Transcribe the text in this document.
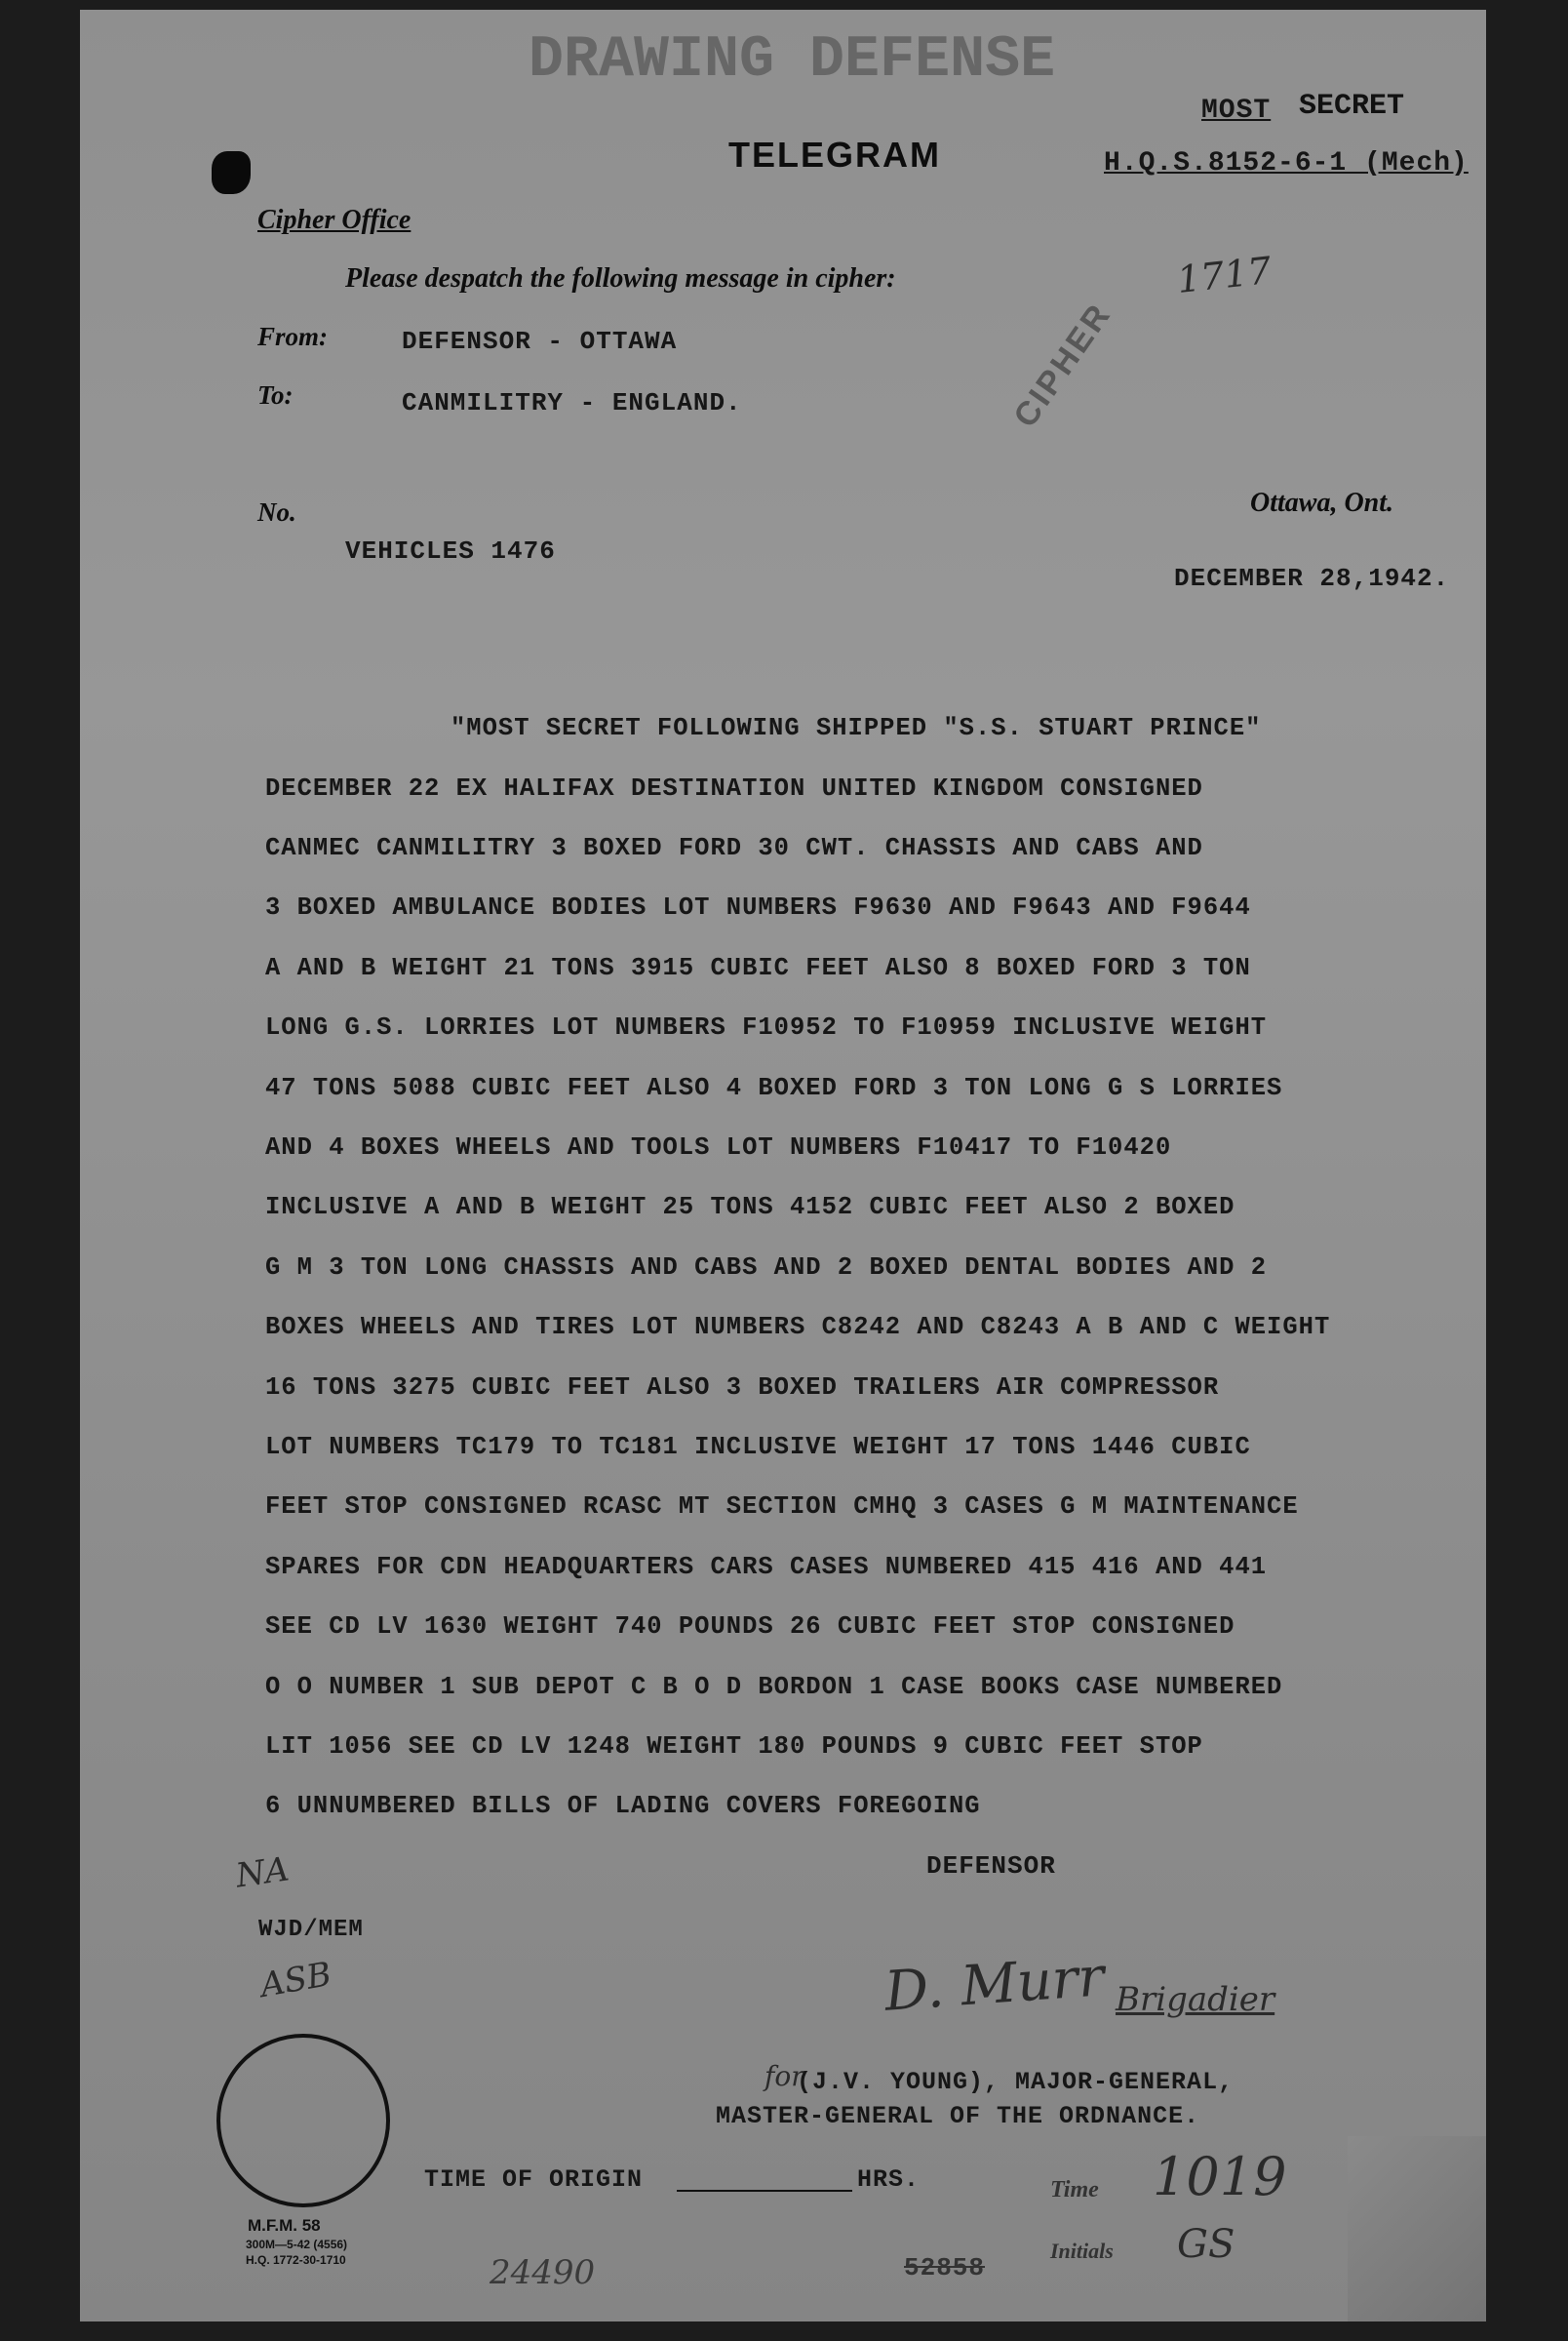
DRAWING DEFENSE
MOST SECRET
TELEGRAM	H.Q.S.8152-6-1 (Mech)
Cipher Office
Please despatch the following message in cipher:	1717
From:	DEFENSOR - OTTAWA
To:	CANMILITRY - ENGLAND.	CIPHER
No.	Ottawa, Ont.
VEHICLES 1476
DECEMBER 28,1942.
"MOST SECRET FOLLOWING SHIPPED "S.S. STUART PRINCE"
DECEMBER 22 EX HALIFAX DESTINATION UNITED KINGDOM CONSIGNED
CANMEC CANMILITRY 3 BOXED FORD 30 CWT. CHASSIS AND CABS AND
3 BOXED AMBULANCE BODIES LOT NUMBERS F9630 AND F9643 AND F9644
A AND B WEIGHT 21 TONS 3915 CUBIC FEET ALSO 8 BOXED FORD 3 TON
LONG G.S. LORRIES LOT NUMBERS F10952 TO F10959 INCLUSIVE WEIGHT
47 TONS 5088 CUBIC FEET ALSO 4 BOXED FORD 3 TON LONG G S LORRIES
AND 4 BOXES WHEELS AND TOOLS LOT NUMBERS F10417 TO F10420
INCLUSIVE A AND B WEIGHT 25 TONS 4152 CUBIC FEET ALSO 2 BOXED
G M 3 TON LONG CHASSIS AND CABS AND 2 BOXED DENTAL BODIES AND 2
BOXES WHEELS AND TIRES LOT NUMBERS C8242 AND C8243 A B AND C WEIGHT
16 TONS 3275 CUBIC FEET ALSO 3 BOXED TRAILERS AIR COMPRESSOR
LOT NUMBERS TC179 TO TC181 INCLUSIVE WEIGHT 17 TONS 1446 CUBIC
FEET STOP CONSIGNED RCASC MT SECTION CMHQ 3 CASES G M MAINTENANCE
SPARES FOR CDN HEADQUARTERS CARS CASES NUMBERED 415 416 AND 441
SEE CD LV 1630 WEIGHT 740 POUNDS 26 CUBIC FEET STOP CONSIGNED
O O NUMBER 1 SUB DEPOT C B O D BORDON 1 CASE BOOKS CASE NUMBERED
LIT 1056 SEE CD LV 1248 WEIGHT 180 POUNDS 9 CUBIC FEET STOP
6 UNNUMBERED BILLS OF LADING COVERS FOREGOING
DEFENSOR
NA
WJD/MEM
ASB	D. Murr Brigadier
for
(J.V. YOUNG), MAJOR-GENERAL,
MASTER-GENERAL OF THE ORDNANCE.
TIME OF ORIGIN	HRS.	Time 1019
Initials GS
M.F.M. 58
300M—5-42 (4556)
H.Q. 1772-30-1710	24490	52858
